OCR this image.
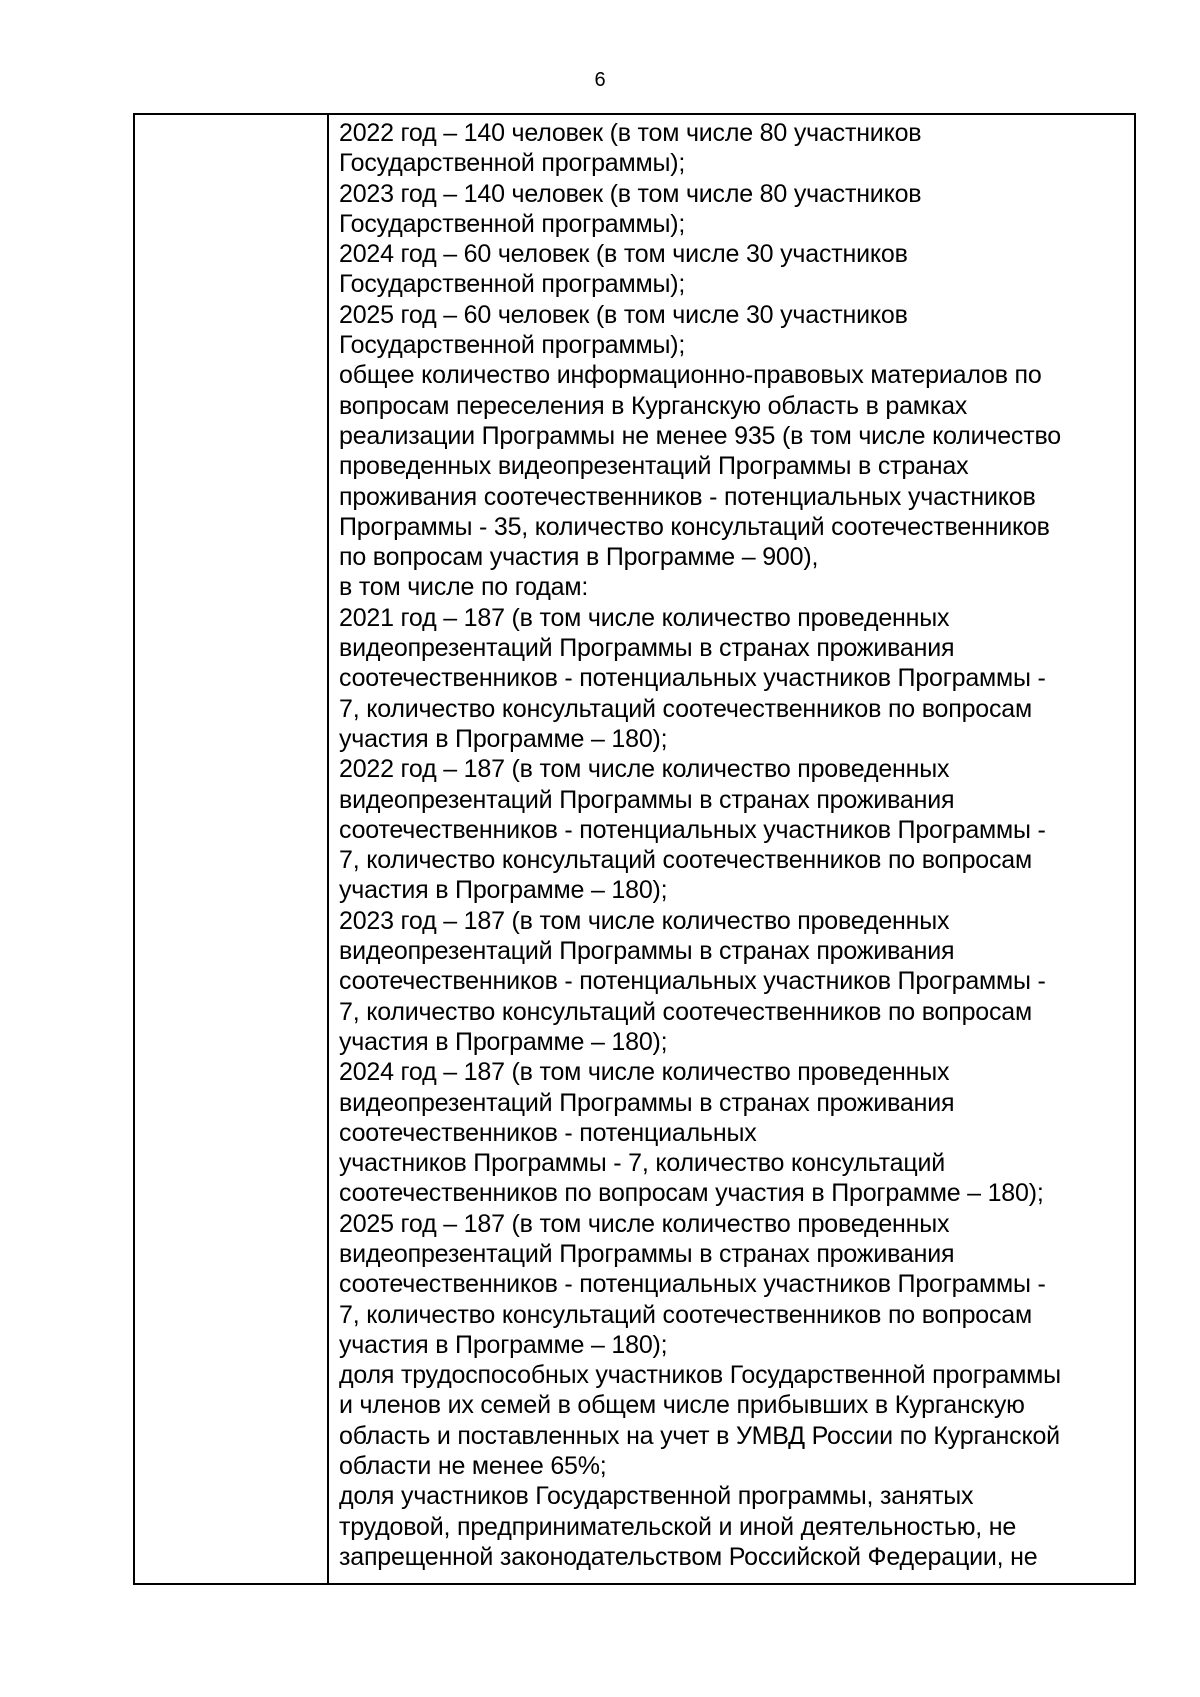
6
2022 год – 140 человек (в том числе 80 участников
Государственной программы);
2023 год – 140 человек (в том числе 80 участников
Государственной программы);
2024 год – 60 человек (в том числе 30 участников
Государственной программы);
2025 год – 60 человек (в том числе 30 участников
Государственной программы);
общее количество информационно-правовых материалов по
вопросам переселения в Курганскую область в рамках
реализации Программы не менее 935 (в том числе количество
проведенных видеопрезентаций Программы в странах
проживания соотечественников - потенциальных участников
Программы - 35, количество консультаций соотечественников
по вопросам участия в Программе – 900),
в том числе по годам:
2021 год – 187 (в том числе количество проведенных
видеопрезентаций Программы в странах проживания
соотечественников - потенциальных участников Программы -
7, количество консультаций соотечественников по вопросам
участия в Программе – 180);
2022 год – 187 (в том числе количество проведенных
видеопрезентаций Программы в странах проживания
соотечественников - потенциальных участников Программы -
7, количество консультаций соотечественников по вопросам
участия в Программе – 180);
2023 год – 187 (в том числе количество проведенных
видеопрезентаций Программы в странах проживания
соотечественников - потенциальных участников Программы -
7, количество консультаций соотечественников по вопросам
участия в Программе – 180);
2024 год – 187 (в том числе количество проведенных
видеопрезентаций Программы в странах проживания
соотечественников - потенциальных
участников Программы - 7, количество консультаций
соотечественников по вопросам участия в Программе – 180);
2025 год – 187 (в том числе количество проведенных
видеопрезентаций Программы в странах проживания
соотечественников - потенциальных участников Программы -
7, количество консультаций соотечественников по вопросам
участия в Программе – 180);
доля трудоспособных участников Государственной программы
и членов их семей в общем числе прибывших в Курганскую
область и поставленных на учет в УМВД России по Курганской
области не менее 65%;
доля участников Государственной программы, занятых
трудовой, предпринимательской и иной деятельностью, не
запрещенной законодательством Российской Федерации, не
